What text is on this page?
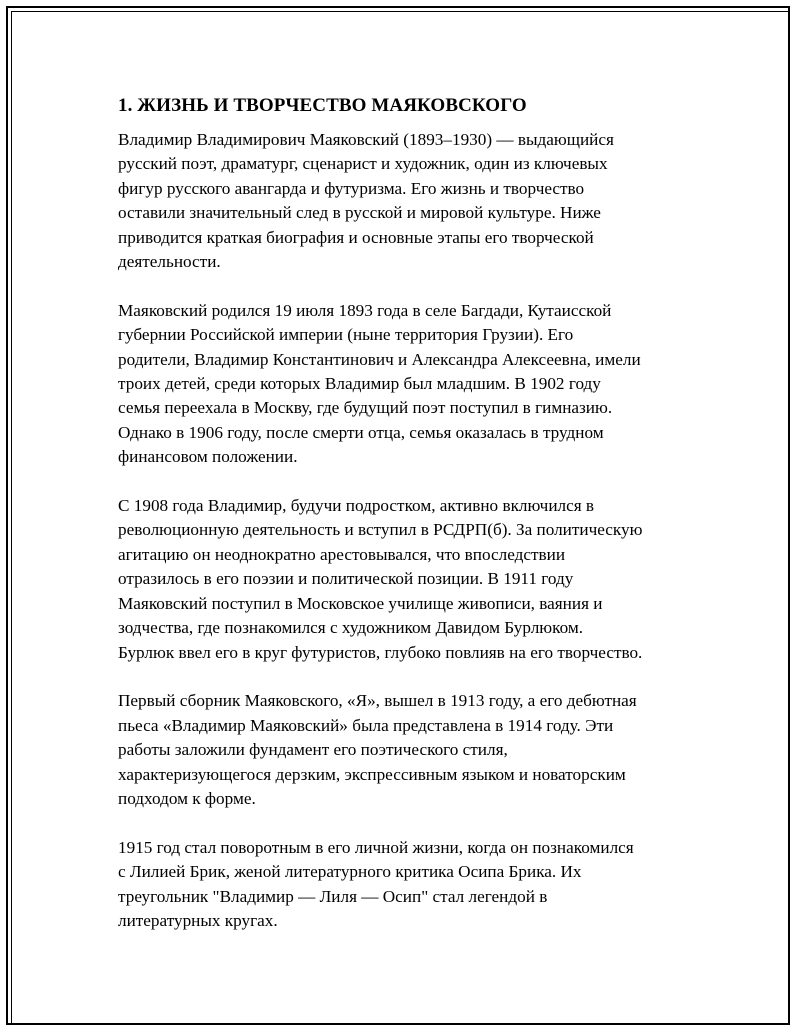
1. ЖИЗНЬ И ТВОРЧЕСТВО МАЯКОВСКОГО

Владимир Владимирович Маяковский (1893–1930) — выдающийся
русский поэт, драматург, сценарист и художник, один из ключевых
фигур русского авангарда и футуризма. Его жизнь и творчество
оставили значительный след в русской и мировой культуре. Ниже
приводится краткая биография и основные этапы его творческой
деятельности.

Маяковский родился 19 июля 1893 года в селе Багдади, Кутаисской
губернии Российской империи (ныне территория Грузии). Его
родители, Владимир Константинович и Александра Алексеевна, имели
троих детей, среди которых Владимир был младшим. В 1902 году
семья переехала в Москву, где будущий поэт поступил в гимназию.
Однако в 1906 году, после смерти отца, семья оказалась в трудном
финансовом положении.

С 1908 года Владимир, будучи подростком, активно включился в
революционную деятельность и вступил в РСДРП(б). За политическую
агитацию он неоднократно арестовывался, что впоследствии
отразилось в его поэзии и политической позиции. В 1911 году
Маяковский поступил в Московское училище живописи, ваяния и
зодчества, где познакомился с художником Давидом Бурлюком.
Бурлюк ввел его в круг футуристов, глубоко повлияв на его творчество.

Первый сборник Маяковского, «Я», вышел в 1913 году, а его дебютная
пьеса «Владимир Маяковский» была представлена в 1914 году. Эти
работы заложили фундамент его поэтического стиля,
характеризующегося дерзким, экспрессивным языком и новаторским
подходом к форме.

1915 год стал поворотным в его личной жизни, когда он познакомился
с Лилией Брик, женой литературного критика Осипа Брика. Их
треугольник "Владимир — Лиля — Осип" стал легендой в
литературных кругах.
